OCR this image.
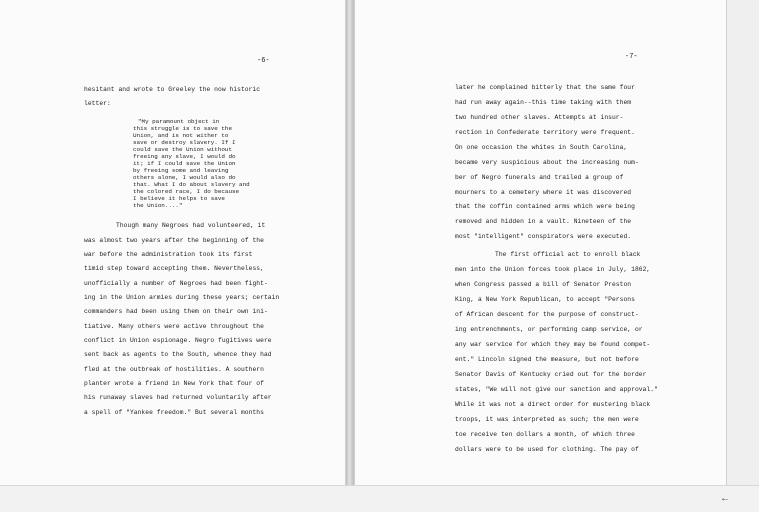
-6-
hesitant and wrote to Greeley the now historic
letter:
"My paramount object in
this struggle is to save the
Union, and is not wither to
save or destroy slavery. If I
could save the Union without
freeing any slave, I would do
it; if I could save the Union
by freeing some and leaving
others alone, I would also do
that. What I do about slavery and
the colored race, I do because
I believe it helps to save
the Union...."
Though many Negroes had volunteered, it
was almost two years after the beginning of the
war before the administration took its first
timid step toward accepting them. Nevertheless,
unofficially a number of Negroes had been fight-
ing in the Union armies during these years; certain
commanders had been using them on their own ini-
tiative. Many others were active throughout the
conflict in Union espionage. Negro fugitives were
sent back as agents to the South, whence they had
fled at the outbreak of hostilities. A southern
planter wrote a friend in New York that four of
his runaway slaves had returned voluntarily after
a spell of "Yankee freedom." But several months
-7-
later he complained bitterly that the same four
had run away again--this time taking with them
two hundred other slaves. Attempts at insur-
rection in Confederate territory were frequent.
On one occasion the whites in South Carolina,
became very suspicious about the increasing num-
ber of Negro funerals and trailed a group of
mourners to a cemetery where it was discovered
that the coffin contained arms which were being
removed and hidden in a vault. Nineteen of the
most "intelligent" conspirators were executed.
The first official act to enroll black
men into the Union forces took place in July, 1862,
when Congress passed a bill of Senator Preston
King, a New York Republican, to accept "Persons
of African descent for the purpose of construct-
ing entrenchments, or performing camp service, or
any war service for which they may be found compet-
ent." Lincoln signed the measure, but not before
Senator Davis of Kentucky cried out for the border
states, "We will not give our sanction and approval."
While it was not a direct order for mustering black
troops, it was interpreted as such; the men were
toe receive ten dollars a month, of which three
dollars were to be used for clothing. The pay of
←
